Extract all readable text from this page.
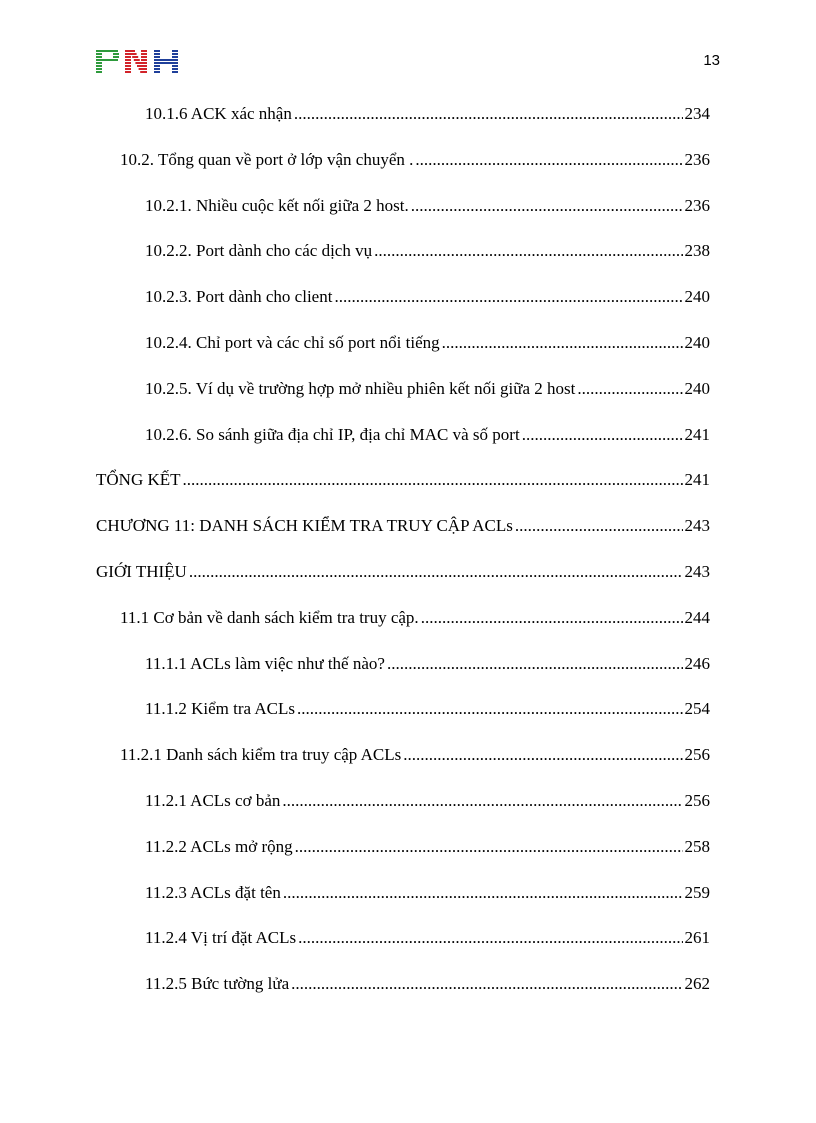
13
10.1.6 ACK xác nhận .....	234
10.2. Tổng quan về port ở lớp vận chuyển . .....	236
10.2.1. Nhiều cuộc kết nối giữa 2 host. .....	236
10.2.2. Port dành cho các dịch vụ .....	238
10.2.3. Port dành cho client .....	240
10.2.4. Chỉ port và các chỉ số port nổi tiếng .....	240
10.2.5. Ví dụ về trường hợp mở nhiều phiên kết nối giữa 2 host .....	240
10.2.6. So sánh giữa địa chỉ IP, địa chỉ MAC và số port .....	241
TỔNG KẾT .....	241
CHƯƠNG 11: DANH SÁCH KIỂM TRA TRUY CẬP ACLs .....	243
GIỚI THIỆU .....	243
11.1 Cơ bản về danh sách kiểm tra truy cập. .....	244
11.1.1 ACLs làm việc như thế nào? .....	246
11.1.2 Kiểm tra ACLs .....	254
11.2.1 Danh sách kiểm tra truy cập ACLs .....	256
11.2.1 ACLs cơ bản .....	256
11.2.2 ACLs mở rộng .....	258
11.2.3 ACLs đặt tên .....	259
11.2.4 Vị trí đặt ACLs .....	261
11.2.5 Bức tường lửa .....	262
